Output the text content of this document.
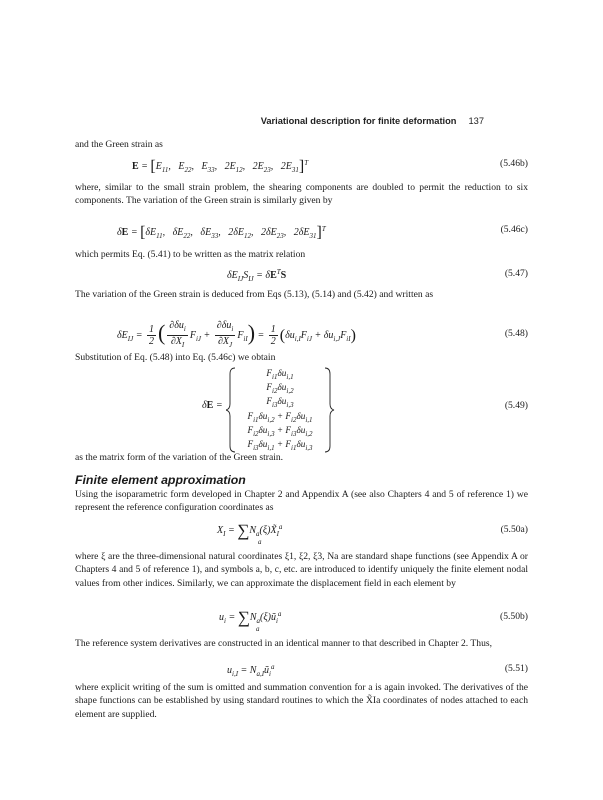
Variational description for finite deformation 137

and the Green strain as

$E = [E_{11}$,   $E_{22}$,   $E_{33}$,   $2E_{12}$,   $2E_{23}$,   $2E_{31}]^T$	(5.46b)

where, similar to the small strain problem, the shearing components are doubled to permit the reduction to six components. The variation of the Green strain is similarly given by

$\delta E = [\delta E_{11}$,   $\delta E_{22}$,   $\delta E_{33}$,   $2\delta E_{12}$,   $2\delta E_{23}$,   $2\delta E_{31}]^T$	(5.46c)

which permits Eq. (5.41) to be written as the matrix relation

$\delta E_{IJ}S_{IJ} = \delta E^TS$	(5.47)

The variation of the Green strain is deduced from Eqs (5.13), (5.14) and (5.42) and written as

$\delta E_{IJ} = \frac{1}{2}$ ( $\frac{\partial\delta u_i}{\partial X_I} F_{iJ} + \frac{\partial\delta u_i}{\partial X_J} F_{iI}) = \frac{1}{2} (\delta u_{i,I}F_{iJ} + \delta u_{i,J}F_{iI})$	(5.48)

Substitution of Eq. (5.48) into Eq. (5.46c) we obtain

δE =	(5.49)
$F_{i1}\delta u_{i,1}$
$F_{i2}\delta u_{i,2}$
$F_{i3}\delta u_{i,3}$
$F_{i1}\delta u_{i,2} + F_{i2}\delta u_{i,1}$
$F_{i2}\delta u_{i,3} + F_{i3}\delta u_{i,2}$
$F_{i3}\delta u_{i,1} + F_{i1}\delta u_{i,3}$

as the matrix form of the variation of the Green strain.

Finite element approximation

Using the isoparametric form developed in Chapter 2 and Appendix A (see also Chapters 4 and 5 of reference 1) we represent the reference configuration coordinates as

$X_I$ = $\sum N_a(\xi)X̃_I^a$
a
(5.50a)

where ξ are the three-dimensional natural coordinates ξ1, ξ2, ξ3, Na are standard shape functions (see Appendix A or Chapters 4 and 5 of reference 1), and symbols a, b, c, etc. are introduced to identify uniquely the finite element nodal values from other indices. Similarly, we can approximate the displacement field in each element by

$u_i$ = $\sum N_a(\xi)ũ_i^a$
a
(5.50b)

The reference system derivatives are constructed in an identical manner to that described in Chapter 2. Thus,

$u_{i,I}$ = $N_{a,I}ũ_i^a$	(5.51)

where explicit writing of the sum is omitted and summation convention for a is again invoked. The derivatives of the shape functions can be established by using standard routines to which the X̃Ia coordinates of nodes attached to each element are supplied.
